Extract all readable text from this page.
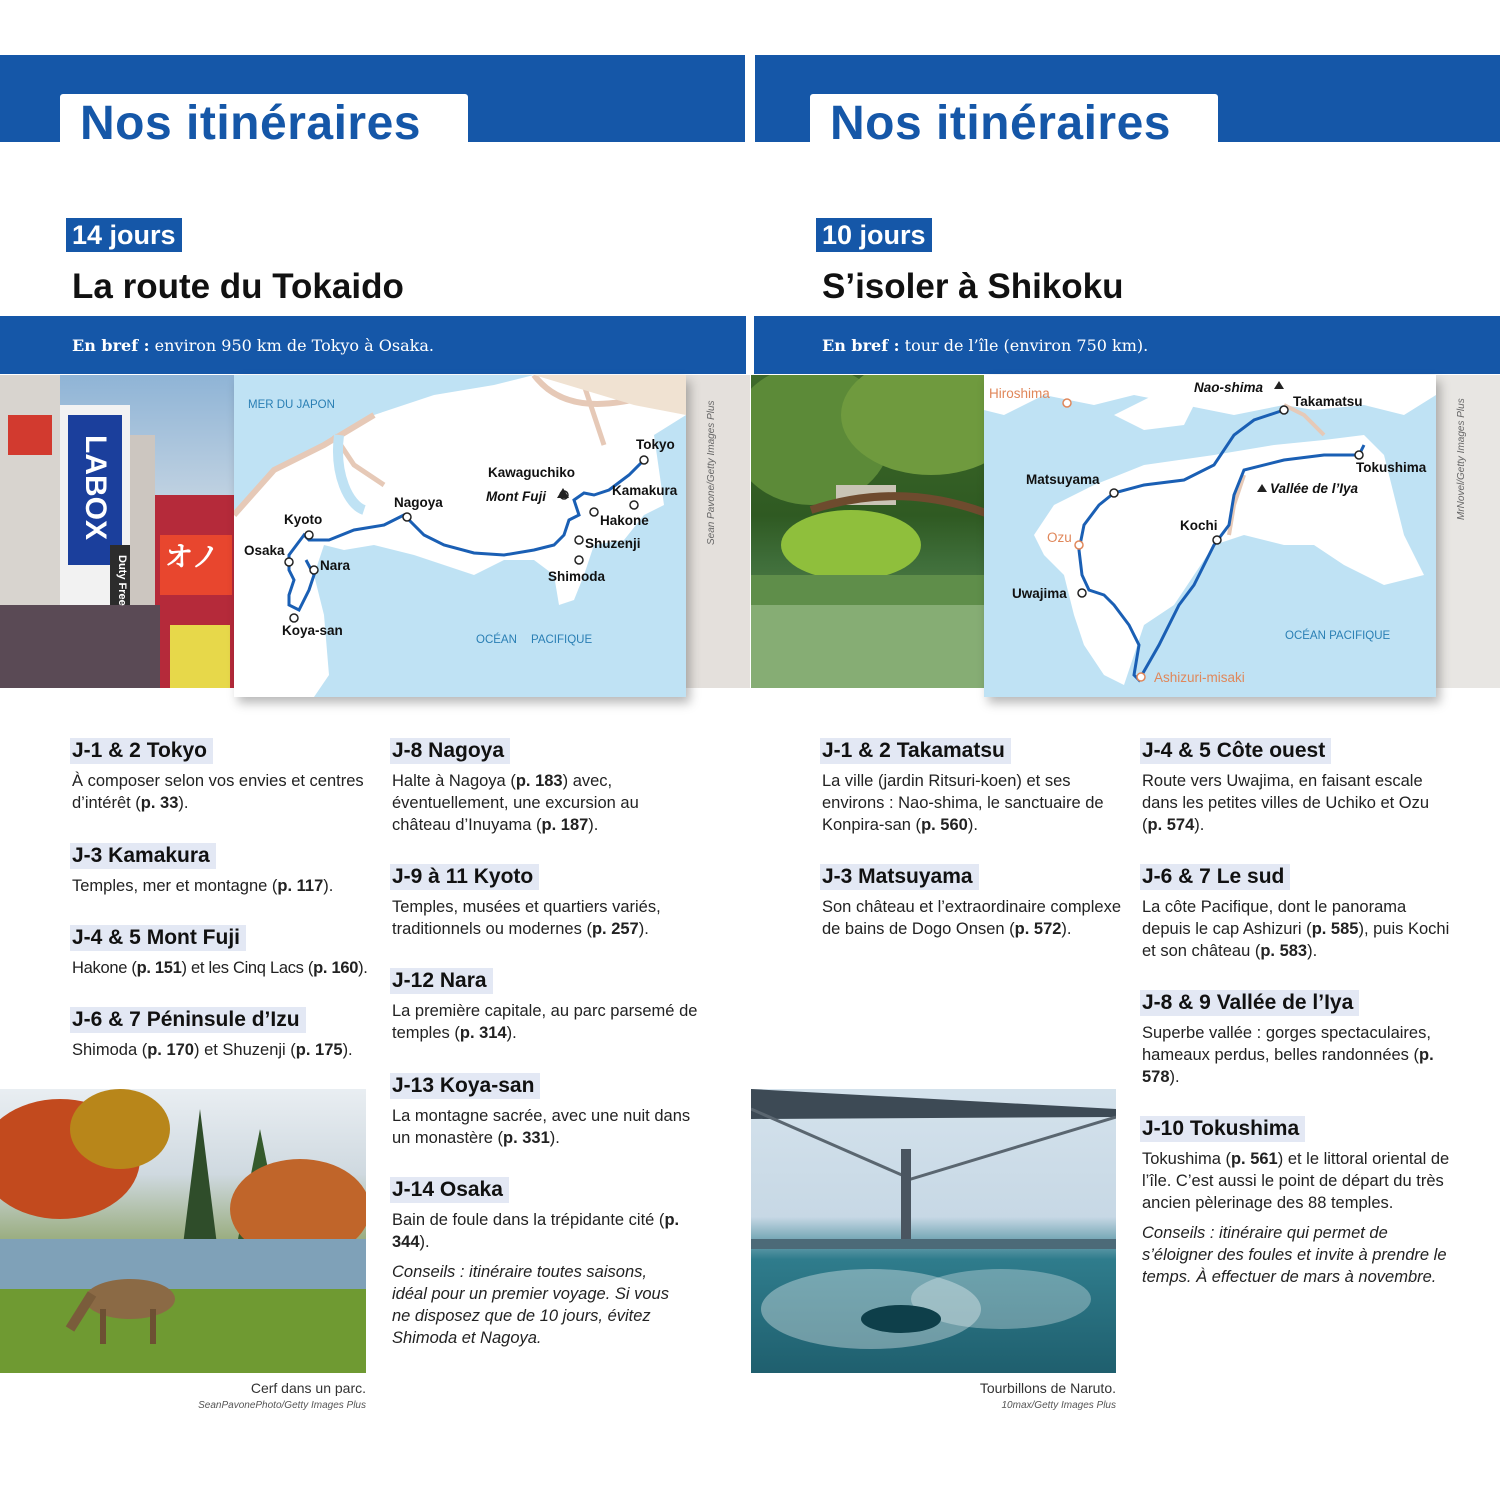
Nos itinéraires	Nos itinéraires
14 jours	10 jours
La route du Tokaido	S’isoler à Shikoku
En bref : environ 950 km de Tokyo à Osaka.	En bref : tour de l’île (environ 750 km).
LABOX
オノ
Duty Free
Sean Pavone/Getty Images Plus
MER DU JAPON
OCÉAN PACIFIQUE
Tokyo
Kawaguchiko
Kamakura
Mont Fuji
Nagoya
Hakone
Kyoto
Shuzenji
Osaka
Nara
Shimoda
Koya-san
MrNovel/Getty Images Plus
Hiroshima	Nao-shima
Takamatsu
Tokushima
Matsuyama
Vallée de l’Iya
Kochi
Ozu
Uwajima
OCÉAN PACIFIQUE
Ashizuri-misaki
J-1 & 2 Tokyo
À composer selon vos envies et centres d’intérêt (p. 33).
J-3 Kamakura
Temples, mer et montagne (p. 117).
J-4 & 5 Mont Fuji
Hakone (p. 151) et les Cinq Lacs (p. 160).
J-6 & 7 Péninsule d’Izu
Shimoda (p. 170) et Shuzenji (p. 175).
J-8 Nagoya
Halte à Nagoya (p. 183) avec, éventuellement, une excursion au château d’Inuyama (p. 187).
J-9 à 11 Kyoto
Temples, musées et quartiers variés, traditionnels ou modernes (p. 257).
J-12 Nara
La première capitale, au parc parsemé de temples (p. 314).
J-13 Koya-san
La montagne sacrée, avec une nuit dans un monastère (p. 331).
J-14 Osaka
Bain de foule dans la trépidante cité (p. 344).
Conseils : itinéraire toutes saisons, idéal pour un premier voyage. Si vous ne disposez que de 10 jours, évitez Shimoda et Nagoya.
Cerf dans un parc.
SeanPavonePhoto/Getty Images Plus
J-1 & 2 Takamatsu
La ville (jardin Ritsuri-koen) et ses environs : Nao-shima, le sanctuaire de Konpira-san (p. 560).
J-3 Matsuyama
Son château et l’extraordinaire complexe de bains de Dogo Onsen (p. 572).
J-4 & 5 Côte ouest
Route vers Uwajima, en faisant escale dans les petites villes de Uchiko et Ozu (p. 574).
J-6 & 7 Le sud
La côte Pacifique, dont le panorama depuis le cap Ashizuri (p. 585), puis Kochi et son château (p. 583).
J-8 & 9 Vallée de l’Iya
Superbe vallée : gorges spectaculaires, hameaux perdus, belles randonnées (p. 578).
J-10 Tokushima
Tokushima (p. 561) et le littoral oriental de l’île. C’est aussi le point de départ du très ancien pèlerinage des 88 temples.
Conseils : itinéraire qui permet de s’éloigner des foules et invite à prendre le temps. À effectuer de mars à novembre.
Tourbillons de Naruto.
10max/Getty Images Plus
